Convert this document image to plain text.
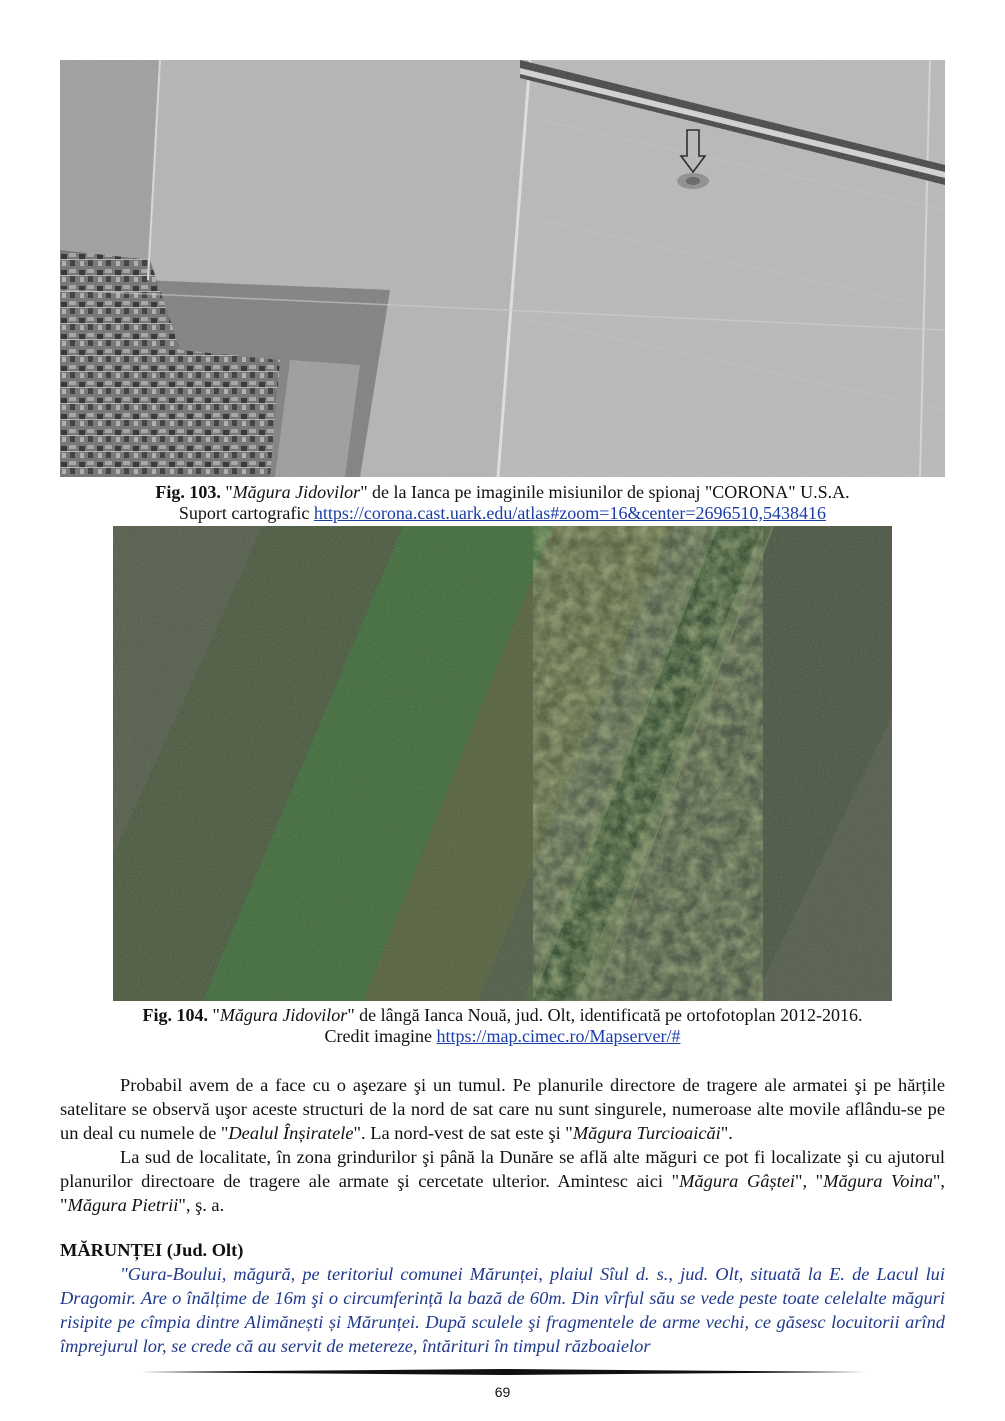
Fig. 103. "Măgura Jidovilor" de la Ianca pe imaginile misiunilor de spionaj "CORONA" U.S.A.
Suport cartografic https://corona.cast.uark.edu/atlas#zoom=16&center=2696510,5438416
Fig. 104. "Măgura Jidovilor" de lângă Ianca Nouă, jud. Olt, identificată pe ortofotoplan 2012-2016.
Credit imagine https://map.cimec.ro/Mapserver/#
Probabil avem de a face cu o aşezare şi un tumul. Pe planurile directore de tragere ale armatei şi pe hărțile satelitare se observă uşor aceste structuri de la nord de sat care nu sunt singurele, numeroase alte movile aflându-se pe un deal cu numele de "Dealul Înșiratele". La nord-vest de sat este şi "Măgura Turcioaicăi".
La sud de localitate, în zona grindurilor şi până la Dunăre se află alte măguri ce pot fi localizate şi cu ajutorul planurilor directoare de tragere ale armate şi cercetate ulterior. Amintesc aici "Măgura Gâștei", "Măgura Voina", "Măgura Pietrii", ş. a.
MĂRUNȚEI (Jud. Olt)
"Gura-Boului, măgură, pe teritoriul comunei Mărunței, plaiul Sîul d. s., jud. Olt, situată la E. de Lacul lui Dragomir. Are o înălțime de 16m şi o circumferință la bază de 60m. Din vîrful său se vede peste toate celelalte măguri risipite pe cîmpia dintre Alimănești și Mărunței. După sculele şi fragmentele de arme vechi, ce găsesc locuitorii arînd împrejurul lor, se crede că au servit de metereze, întărituri în timpul războaielor
69
